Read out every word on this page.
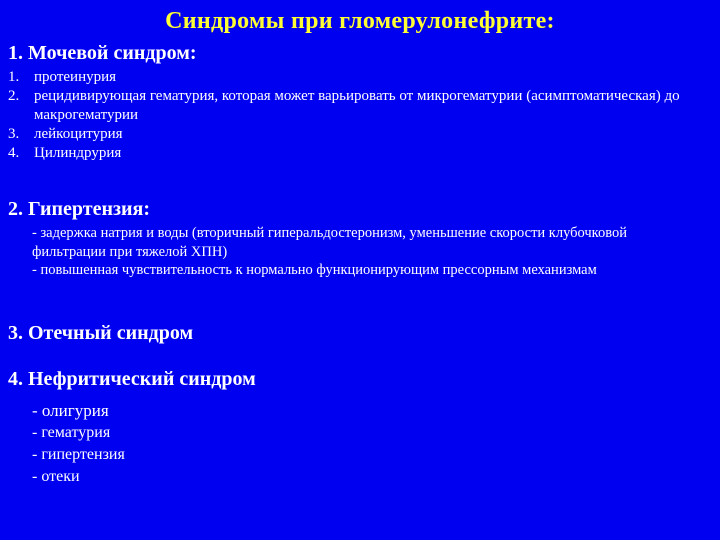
Синдромы при гломерулонефрите:
1. Мочевой синдром:
1. протеинурия
2. рецидивирующая гематурия, которая может варьировать от микрогематурии (асимптоматическая) до макрогематурии
3. лейкоцитурия
4. Цилиндрурия
2. Гипертензия:
- задержка натрия и воды (вторичный гиперальдостеронизм, уменьшение скорости клубочковой фильтрации при тяжелой ХПН)
- повышенная чувствительность к нормально функционирующим прессорным механизмам
3. Отечный синдром
4. Нефритический синдром
- олигурия
- гематурия
- гипертензия
- отеки
